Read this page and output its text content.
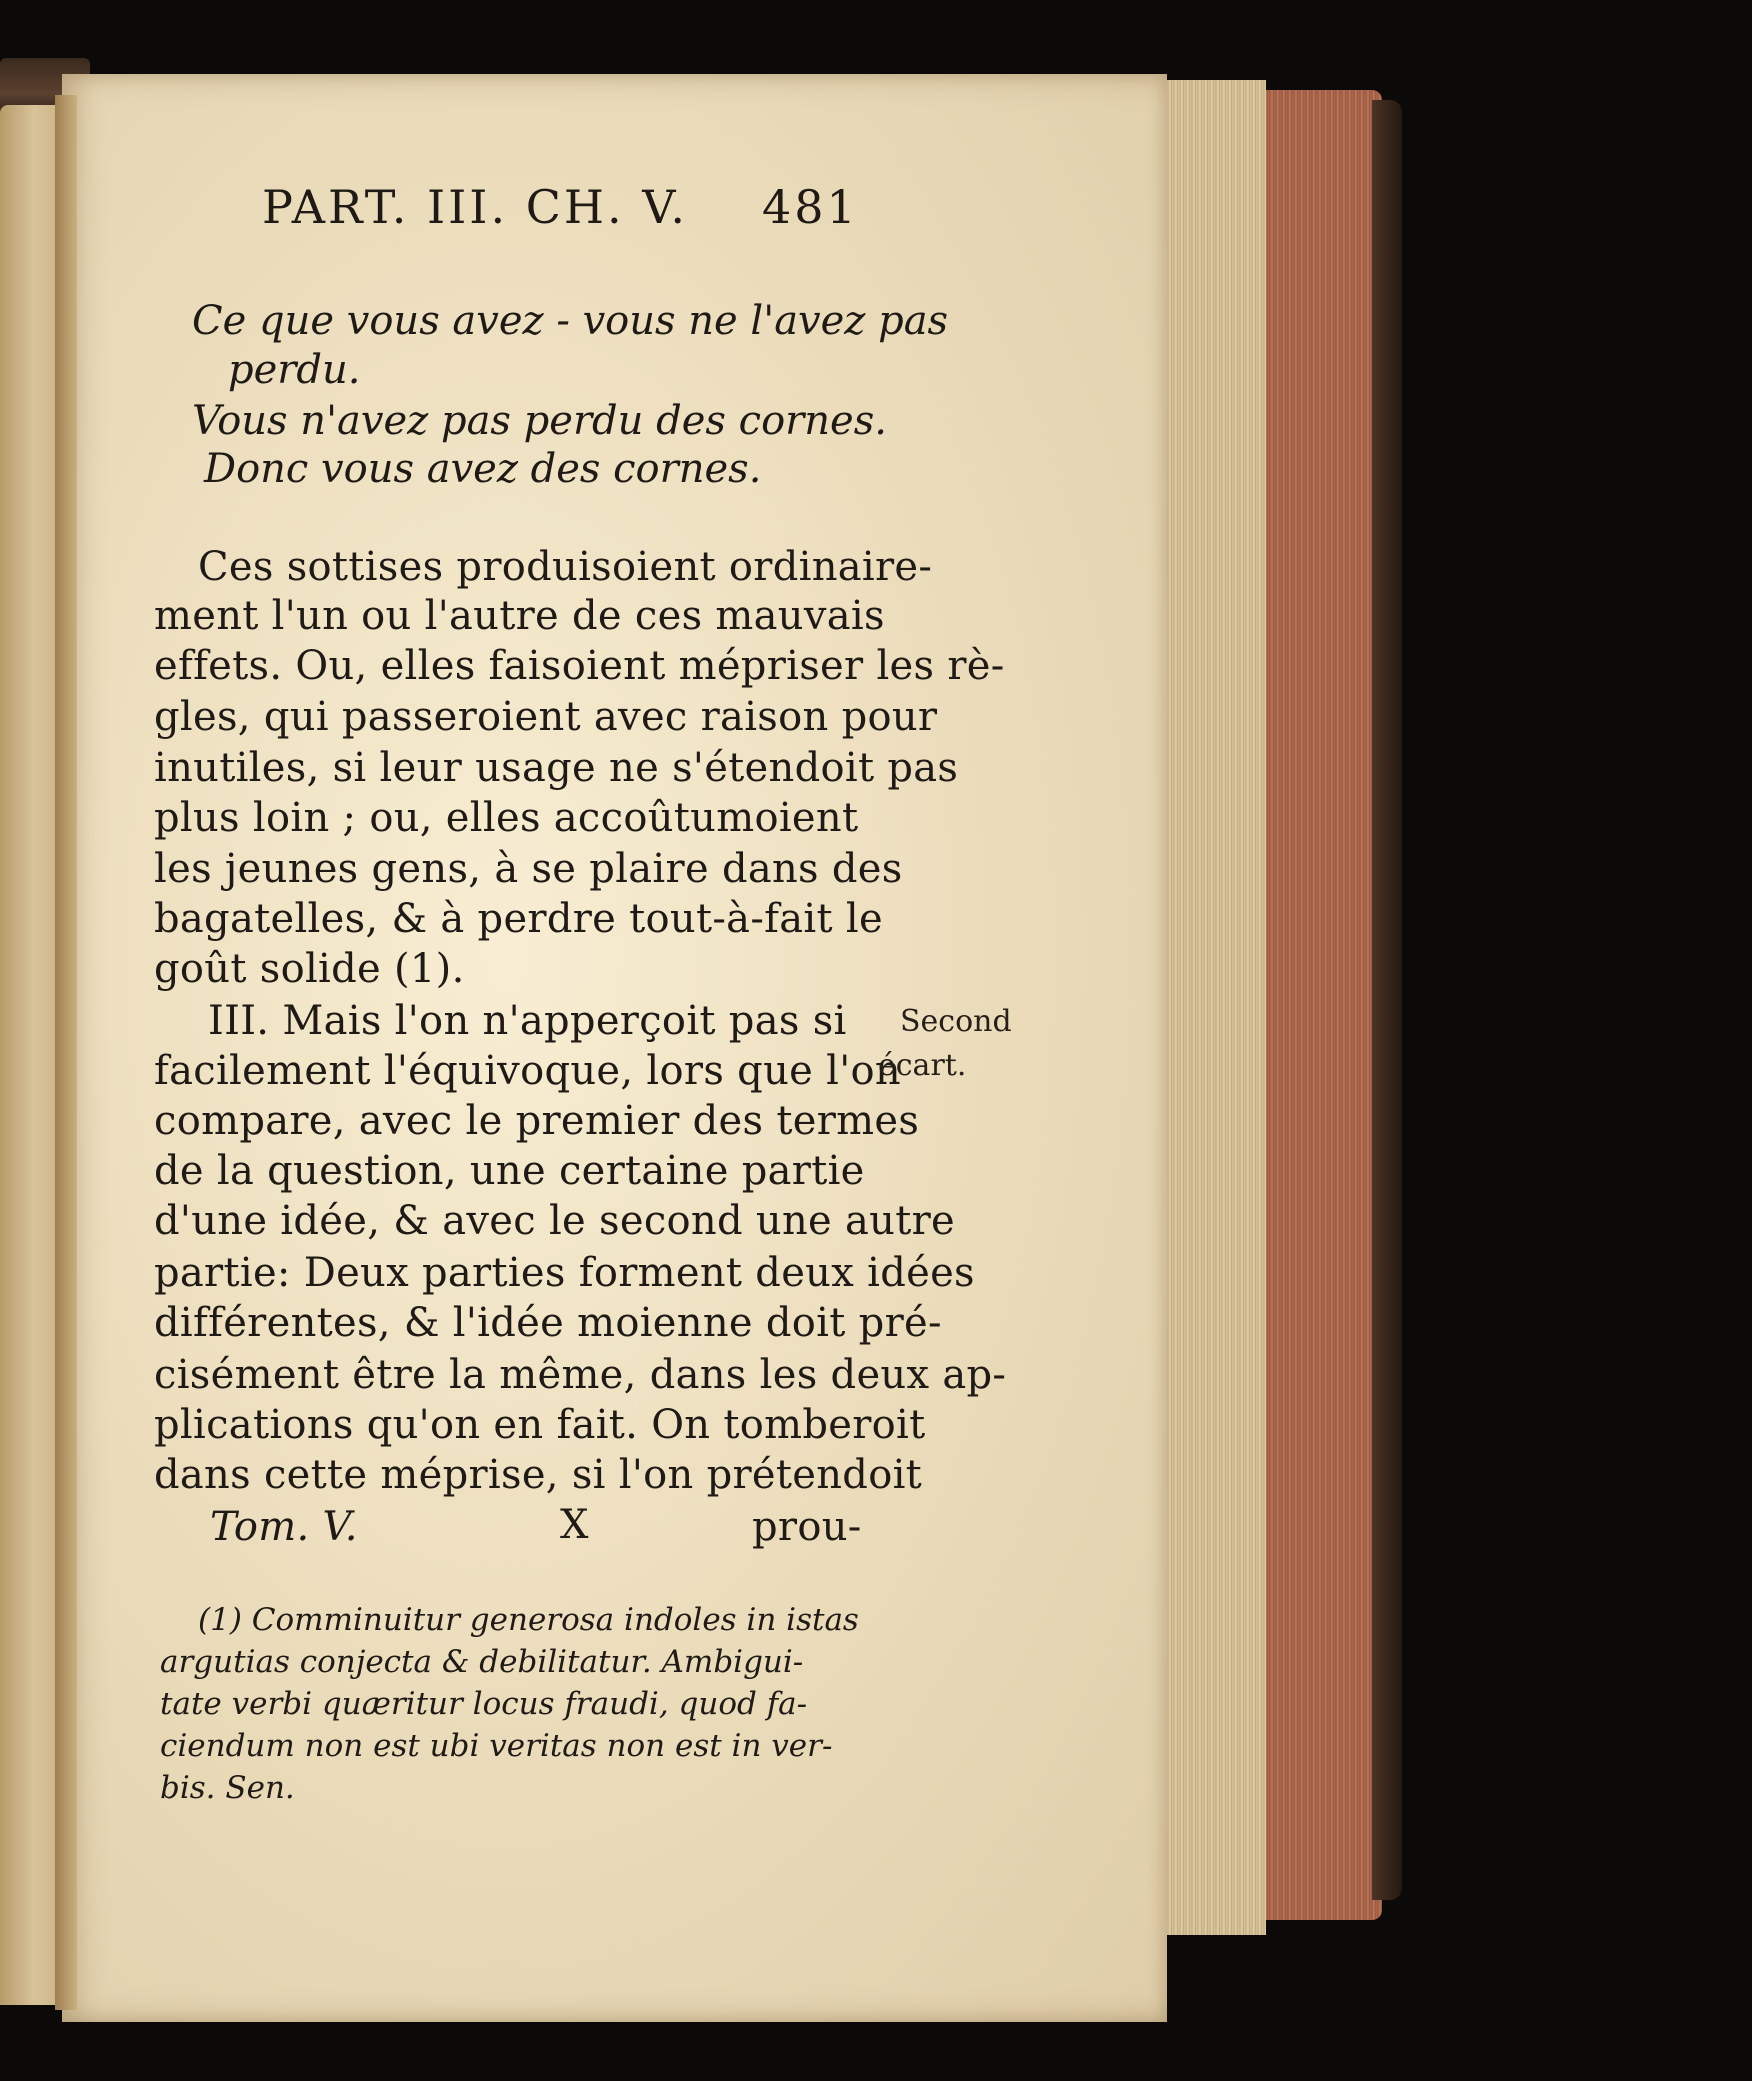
PART. III. CH. V. 481
Ce que vous avez - vous ne l'avez pas
perdu.
Vous n'avez pas perdu des cornes.
Donc vous avez des cornes.
Ces sottises produisoient ordinaire-
ment l'un ou l'autre de ces mauvais
effets. Ou, elles faisoient mépriser les rè-
gles, qui passeroient avec raison pour
inutiles, si leur usage ne s'étendoit pas
plus loin ; ou, elles accoûtumoient
les jeunes gens, à se plaire dans des
bagatelles, & à perdre tout-à-fait le
goût solide (1).
III. Mais l'on n'apperçoit pas si
facilement l'équivoque, lors que l'on
compare, avec le premier des termes
de la question, une certaine partie
d'une idée, & avec le second une autre
partie: Deux parties forment deux idées
différentes, & l'idée moienne doit pré-
cisément être la même, dans les deux ap-
plications qu'on en fait. On tomberoit
dans cette méprise, si l'on prétendoit
Tom. V.	X	prou-
Second
écart.
(1) Comminuitur generosa indoles in istas
argutias conjecta & debilitatur. Ambigui-
tate verbi quæritur locus fraudi, quod fa-
ciendum non est ubi veritas non est in ver-
bis. Sen.
